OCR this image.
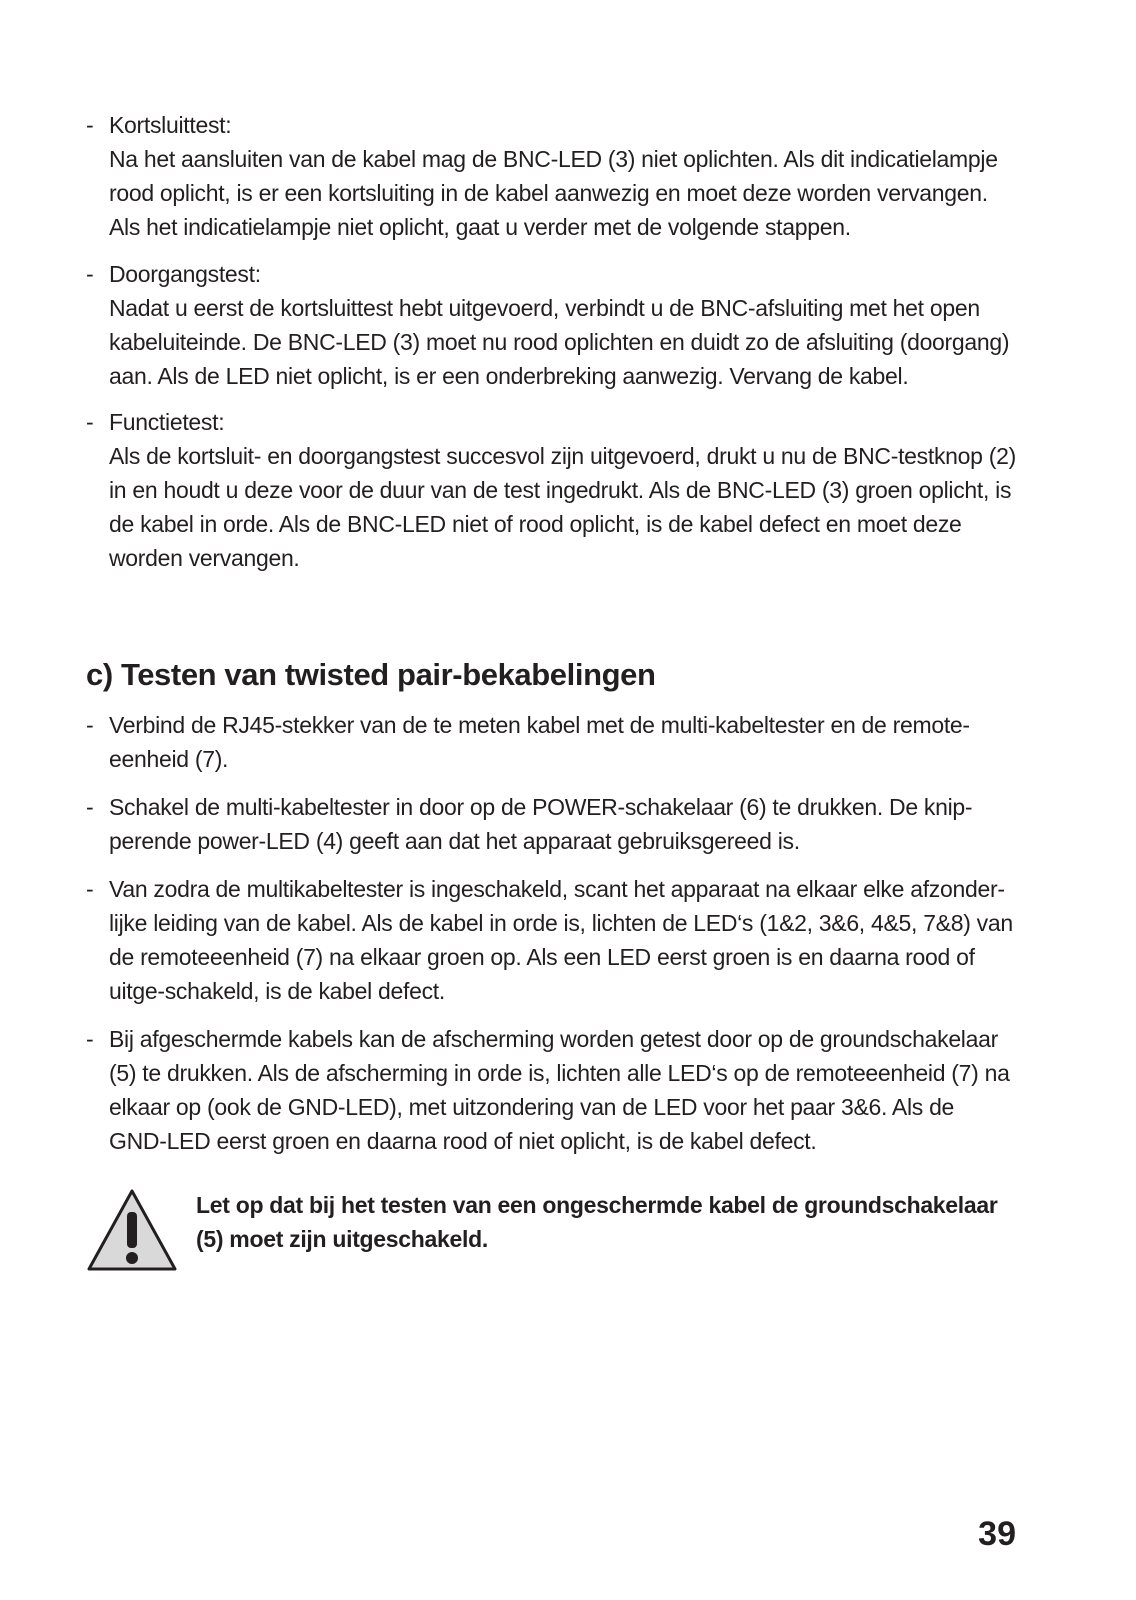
- Kortsluittest:
Na het aansluiten van de kabel mag de BNC-LED (3) niet oplichten. Als dit indicatielampje rood oplicht, is er een kortsluiting in de kabel aanwezig en moet deze worden vervangen. Als het indicatielampje niet oplicht, gaat u verder met de volgende stappen.
- Doorgangstest:
Nadat u eerst de kortsluittest hebt uitgevoerd, verbindt u de BNC-afsluiting met het open kabeluiteinde. De BNC-LED (3) moet nu rood oplichten en duidt zo de afsluiting (doorgang) aan. Als de LED niet oplicht, is er een onderbreking aanwezig. Vervang de kabel.
- Functietest:
Als de kortsluit- en doorgangstest succesvol zijn uitgevoerd, drukt u nu de BNC-testknop (2) in en houdt u deze voor de duur van de test ingedrukt. Als de BNC-LED (3) groen oplicht, is de kabel in orde. Als de BNC-LED niet of rood oplicht, is de kabel defect en moet deze worden vervangen.
c) Testen van twisted pair-bekabelingen
- Verbind de RJ45-stekker van de te meten kabel met de multi-kabeltester en de remote-eenheid (7).
- Schakel de multi-kabeltester in door op de POWER-schakelaar (6) te drukken. De knip-perende power-LED (4) geeft aan dat het apparaat gebruiksgereed is.
- Van zodra de multikabeltester is ingeschakeld, scant het apparaat na elkaar elke afzonder-lijke leiding van de kabel. Als de kabel in orde is, lichten de LED‘s (1&2, 3&6, 4&5, 7&8) van de remoteeenheid (7) na elkaar groen op. Als een LED eerst groen is en daarna rood of uitge-schakeld, is de kabel defect.
- Bij afgeschermde kabels kan de afscherming worden getest door op de groundschakelaar (5) te drukken. Als de afscherming in orde is, lichten alle LED‘s op de remoteeenheid (7) na elkaar op (ook de GND-LED), met uitzondering van de LED voor het paar 3&6. Als de GND-LED eerst groen en daarna rood of niet oplicht, is de kabel defect.
Let op dat bij het testen van een ongeschermde kabel de groundschakelaar (5) moet zijn uitgeschakeld.
39
